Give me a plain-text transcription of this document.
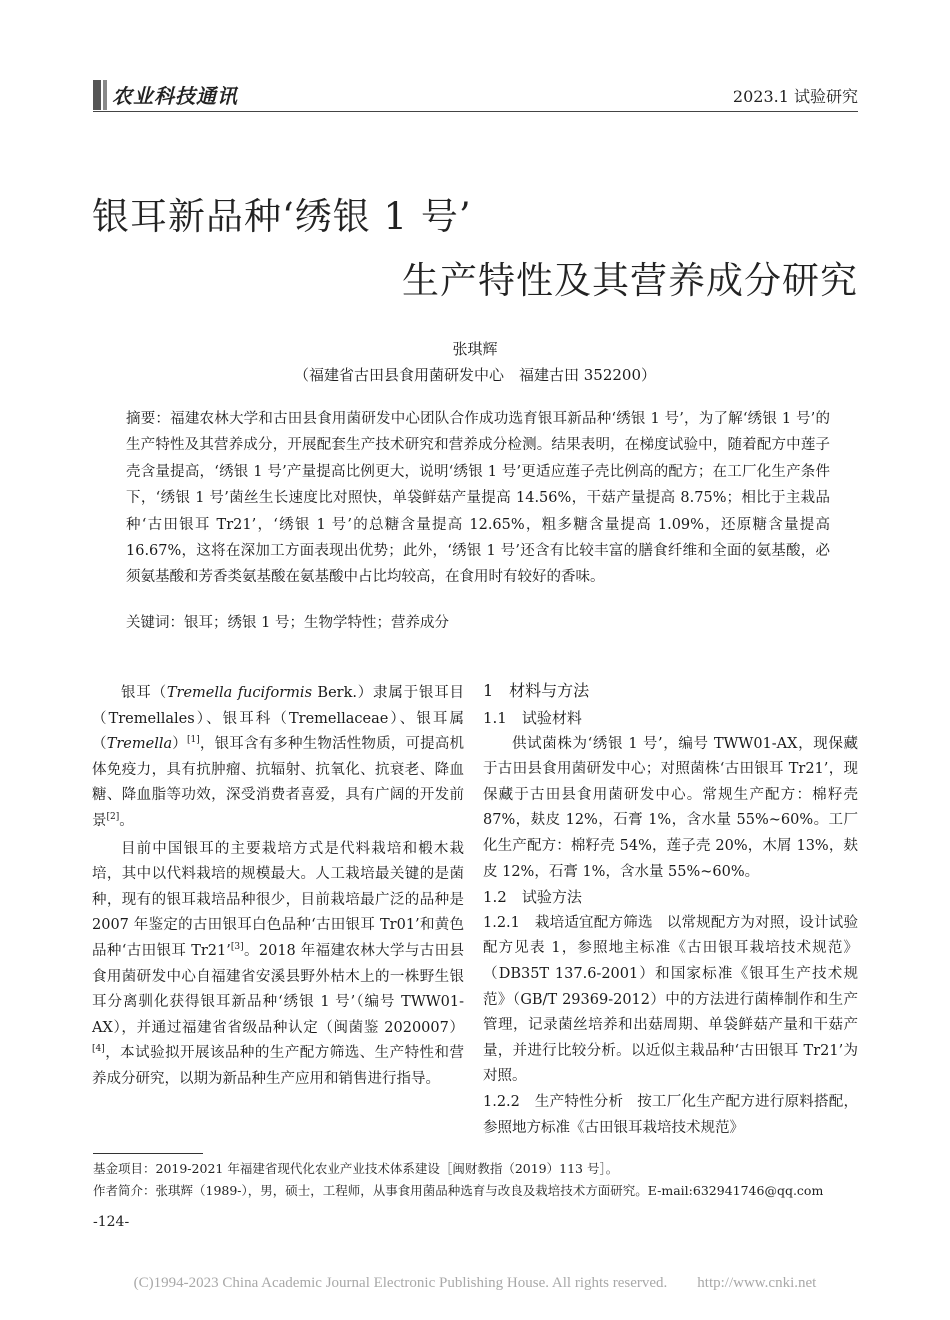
农业科技通讯	2023.1 试验研究
银耳新品种‘绣银 1 号’
生产特性及其营养成分研究
张琪辉
（福建省古田县食用菌研发中心　福建古田 352200）
摘要：福建农林大学和古田县食用菌研发中心团队合作成功选育银耳新品种‘绣银 1 号’，为了解‘绣银 1 号’的生产特性及其营养成分，开展配套生产技术研究和营养成分检测。结果表明，在梯度试验中，随着配方中莲子壳含量提高，‘绣银 1 号’产量提高比例更大，说明‘绣银 1 号’更适应莲子壳比例高的配方；在工厂化生产条件下，‘绣银 1 号’菌丝生长速度比对照快，单袋鲜菇产量提高 14.56%，干菇产量提高 8.75%；相比于主栽品种‘古田银耳 Tr21’，‘绣银 1 号’的总糖含量提高 12.65%，粗多糖含量提高 1.09%，还原糖含量提高 16.67%，这将在深加工方面表现出优势；此外，‘绣银 1 号’还含有比较丰富的膳食纤维和全面的氨基酸，必须氨基酸和芳香类氨基酸在氨基酸中占比均较高，在食用时有较好的香味。
关键词：银耳；绣银 1 号；生物学特性；营养成分

银耳（Tremella fuciformis Berk.）隶属于银耳目（Tremellales）、银耳科（Tremellaceae）、银耳属（Tremella）[1]，银耳含有多种生物活性物质，可提高机体免疫力，具有抗肿瘤、抗辐射、抗氧化、抗衰老、降血糖、降血脂等功效，深受消费者喜爱，具有广阔的开发前景[2]。

目前中国银耳的主要栽培方式是代料栽培和椴木栽培，其中以代料栽培的规模最大。人工栽培最关键的是菌种，现有的银耳栽培品种很少，目前栽培最广泛的品种是 2007 年鉴定的古田银耳白色品种‘古田银耳 Tr01’和黄色品种‘古田银耳 Tr21’[3]。2018 年福建农林大学与古田县食用菌研发中心自福建省安溪县野外枯木上的一株野生银耳分离驯化获得银耳新品种‘绣银 1 号’（编号 TWW01-AX），并通过福建省省级品种认定（闽菌鉴 2020007）[4]，本试验拟开展该品种的生产配方筛选、生产特性和营养成分研究，以期为新品种生产应用和销售进行指导。

1　材料与方法
1.1　试验材料

供试菌株为‘绣银 1 号’，编号 TWW01-AX，现保藏于古田县食用菌研发中心；对照菌株‘古田银耳 Tr21’，现保藏于古田县食用菌研发中心。常规生产配方：棉籽壳 87%，麸皮 12%，石膏 1%，含水量 55%~60%。工厂化生产配方：棉籽壳 54%，莲子壳 20%，木屑 13%，麸皮 12%，石膏 1%，含水量 55%~60%。

1.2　试验方法

1.2.1　栽培适宜配方筛选 以常规配方为对照，设计试验配方见表 1，参照地主标准《古田银耳栽培技术规范》（DB35T 137.6-2001）和国家标准《银耳生产技术规范》（GB/T 29369-2012）中的方法进行菌棒制作和生产管理，记录菌丝培养和出菇周期、单袋鲜菇产量和干菇产量，并进行比较分析。以近似主栽品种‘古田银耳 Tr21’为对照。

1.2.2　生产特性分析 按工厂化生产配方进行原料搭配，参照地方标准《古田银耳栽培技术规范》

基金项目：2019-2021 年福建省现代化农业产业技术体系建设［闽财教指（2019）113 号］。
作者简介：张琪辉（1989-），男，硕士，工程师，从事食用菌品种选育与改良及栽培技术方面研究。E-mail:632941746@qq.com
-124-
(C)1994-2023 China Academic Journal Electronic Publishing House. All rights reserved.　　http://www.cnki.net
